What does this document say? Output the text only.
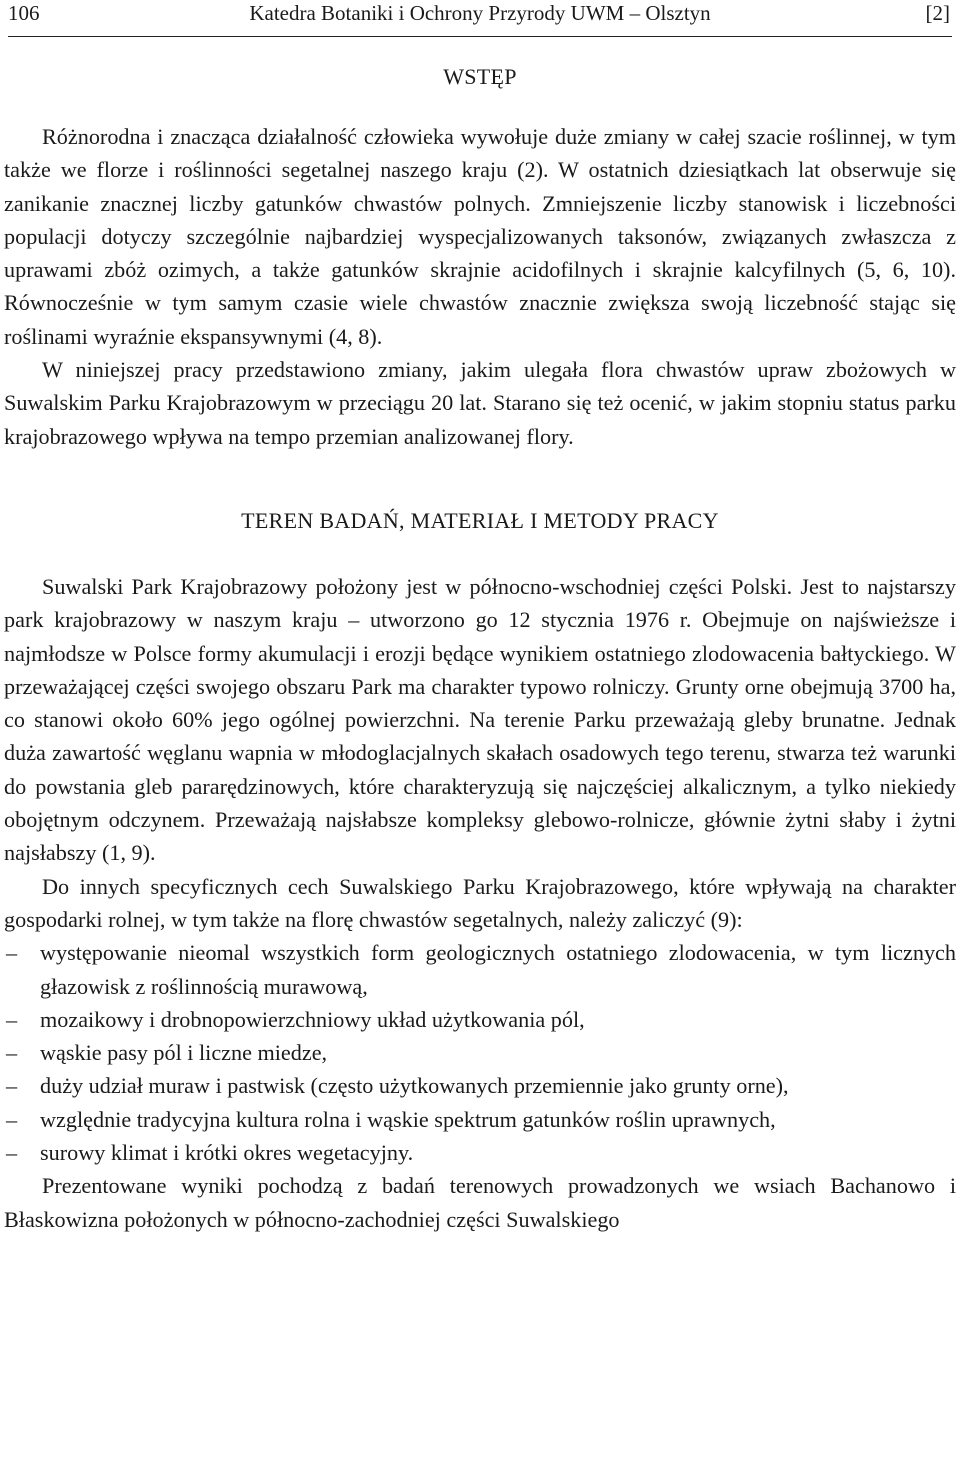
106	Katedra Botaniki i Ochrony Przyrody UWM – Olsztyn	[2]
WSTĘP

Różnorodna i znacząca działalność człowieka wywołuje duże zmiany w całej szacie roślinnej, w tym także we florze i roślinności segetalnej naszego kraju (2). W ostatnich dziesiątkach lat obserwuje się zanikanie znacznej liczby gatunków chwastów polnych. Zmniejszenie liczby stanowisk i liczebności populacji dotyczy szczególnie najbardziej wyspecjalizowanych taksonów, związanych zwłaszcza z uprawami zbóż ozimych, a także gatunków skrajnie acidofilnych i skrajnie kalcyfilnych (5, 6, 10). Równocześnie w tym samym czasie wiele chwastów znacznie zwiększa swoją liczebność stając się roślinami wyraźnie ekspansywnymi (4, 8).

W niniejszej pracy przedstawiono zmiany, jakim ulegała flora chwastów upraw zbożowych w Suwalskim Parku Krajobrazowym w przeciągu 20 lat. Starano się też ocenić, w jakim stopniu status parku krajobrazowego wpływa na tempo przemian analizowanej flory.

TEREN BADAŃ, MATERIAŁ I METODY PRACY

Suwalski Park Krajobrazowy położony jest w północno-wschodniej części Polski. Jest to najstarszy park krajobrazowy w naszym kraju – utworzono go 12 stycznia 1976 r. Obejmuje on najświeższe i najmłodsze w Polsce formy akumulacji i erozji będące wynikiem ostatniego zlodowacenia bałtyckiego. W przeważającej części swojego obszaru Park ma charakter typowo rolniczy. Grunty orne obejmują 3700 ha, co stanowi około 60% jego ogólnej powierzchni. Na terenie Parku przeważają gleby brunatne. Jednak duża zawartość węglanu wapnia w młodoglacjalnych skałach osadowych tego terenu, stwarza też warunki do powstania gleb pararędzinowych, które charakteryzują się najczęściej alkalicznym, a tylko niekiedy obojętnym odczynem. Przeważają najsłabsze kompleksy glebowo-rolnicze, głównie żytni słaby i żytni najsłabszy (1, 9).

Do innych specyficznych cech Suwalskiego Parku Krajobrazowego, które wpływają na charakter gospodarki rolnej, w tym także na florę chwastów segetalnych, należy zaliczyć (9):

– występowanie nieomal wszystkich form geologicznych ostatniego zlodowacenia, w tym licznych głazowisk z roślinnością murawową,
– mozaikowy i drobnopowierzchniowy układ użytkowania pól,
– wąskie pasy pól i liczne miedze,
– duży udział muraw i pastwisk (często użytkowanych przemiennie jako grunty orne),
– względnie tradycyjna kultura rolna i wąskie spektrum gatunków roślin uprawnych,
– surowy klimat i krótki okres wegetacyjny.

Prezentowane wyniki pochodzą z badań terenowych prowadzonych we wsiach Bachanowo i Błaskowizna położonych w północno-zachodniej części Suwalskiego
